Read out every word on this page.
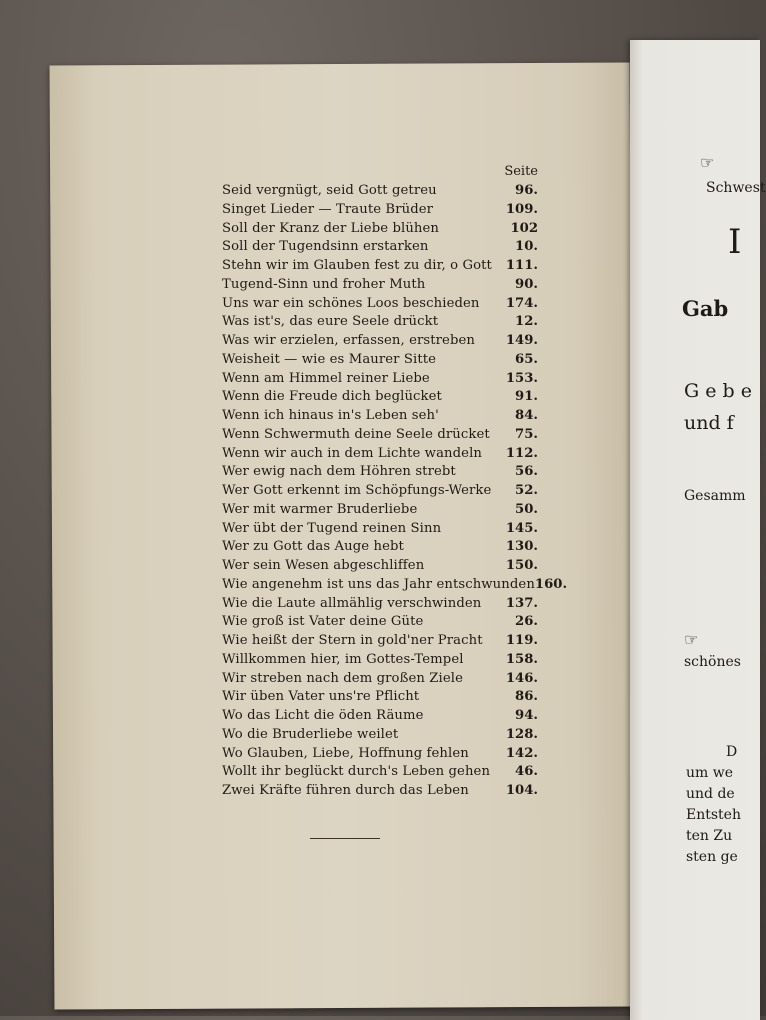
Seite
Seid vergnügt, seid Gott getreu	96.
Singet Lieder — Traute Brüder	109.
Soll der Kranz der Liebe blühen	102
Soll der Tugendsinn erstarken	10.
Stehn wir im Glauben fest zu dir, o Gott 111.
Tugend-Sinn und froher Muth	90.
Uns war ein schönes Loos beschieden 174.
Was ist's, das eure Seele drückt	12.
Was wir erzielen, erfassen, erstreben 149.
Weisheit — wie es Maurer Sitte	65.
Wenn am Himmel reiner Liebe	153.
Wenn die Freude dich beglücket	91.
Wenn ich hinaus in's Leben seh'	84.
Wenn Schwermuth deine Seele drücket 75.
Wenn wir auch in dem Lichte wandeln 112.
Wer ewig nach dem Höhren strebt	56.
Wer Gott erkennt im Schöpfungs-Werke 52.
Wer mit warmer Bruderliebe	50.
Wer übt der Tugend reinen Sinn	145.
Wer zu Gott das Auge hebt	130.
Wer sein Wesen abgeschliffen	150.
Wie angenehm ist uns das Jahr entschwunden 160.
Wie die Laute allmählig verschwinden 137.
Wie groß ist Vater deine Güte	26.
Wie heißt der Stern in gold'ner Pracht 119.
Willkommen hier, im Gottes-Tempel	158.
Wir streben nach dem großen Ziele	146.
Wir üben Vater uns're Pflicht	86.
Wo das Licht die öden Räume	94.
Wo die Bruderliebe weilet	128.
Wo Glauben, Liebe, Hoffnung fehlen	142.
Wollt ihr beglückt durch's Leben gehen 46.
Zwei Kräfte führen durch das Leben	104.
☞
Schwest
I
Gab
G e b e
und f
Gesamm
☞
schönes
D
um we
und de
Entsteh
ten Zu
sten ge
